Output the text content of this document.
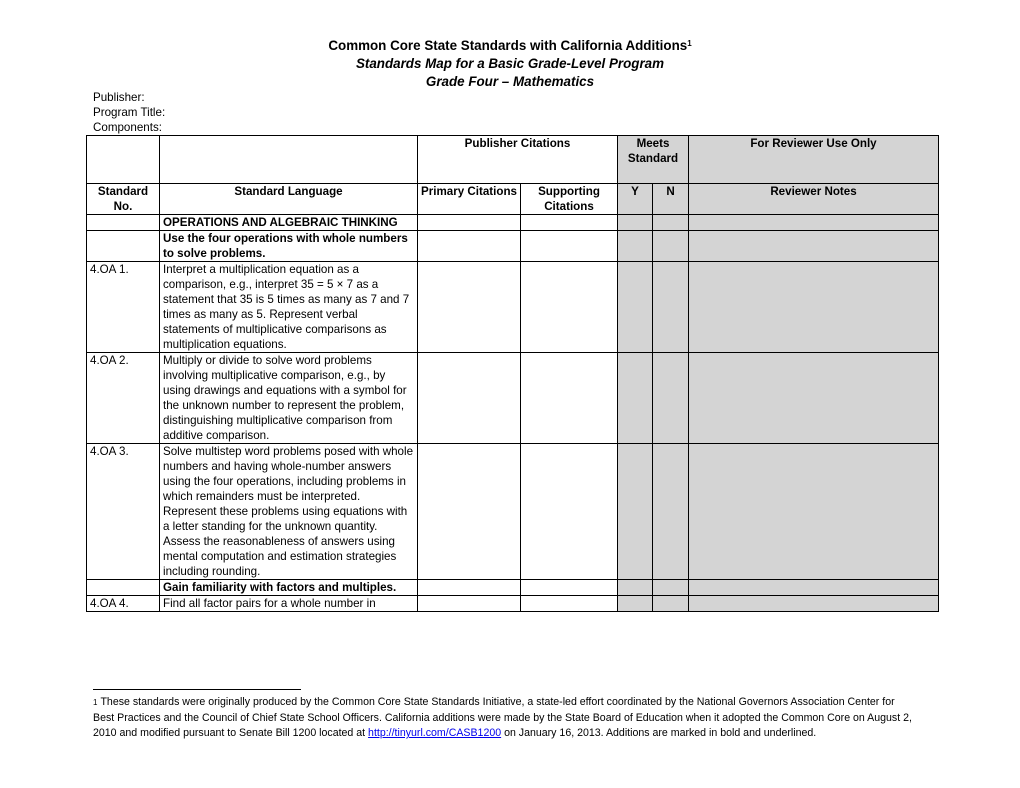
Common Core State Standards with California Additions$^1$
Standards Map for a Basic Grade-Level Program
Grade Four – Mathematics
Publisher:
Program Title:
Components:
		Publisher Citations		Meets Standard		For Reviewer Use Only
Standard No.	Standard Language	Primary Citations	Supporting Citations	Y	N	Reviewer Notes
	OPERATIONS AND ALGEBRAIC THINKING					
	Use the four operations with whole numbers to solve problems.					
4.OA 1.	Interpret a multiplication equation as a comparison, e.g., interpret 35 = 5 × 7 as a statement that 35 is 5 times as many as 7 and 7 times as many as 5. Represent verbal statements of multiplicative comparisons as multiplication equations.					
4.OA 2.	Multiply or divide to solve word problems involving multiplicative comparison, e.g., by using drawings and equations with a symbol for the unknown number to represent the problem, distinguishing multiplicative comparison from additive comparison.					
4.OA 3.	Solve multistep word problems posed with whole numbers and having whole-number answers using the four operations, including problems in which remainders must be interpreted. Represent these problems using equations with a letter standing for the unknown quantity. Assess the reasonableness of answers using mental computation and estimation strategies including rounding.					
	Gain familiarity with factors and multiples.					
4.OA 4.	Find all factor pairs for a whole number in					
$^1$ These standards were originally produced by the Common Core State Standards Initiative, a state-led effort coordinated by the National Governors Association Center for Best Practices and the Council of Chief State School Officers. California additions were made by the State Board of Education when it adopted the Common Core on August 2, 2010 and modified pursuant to Senate Bill 1200 located at http://tinyurl.com/CASB1200 on January 16, 2013. Additions are marked in bold and underlined.
